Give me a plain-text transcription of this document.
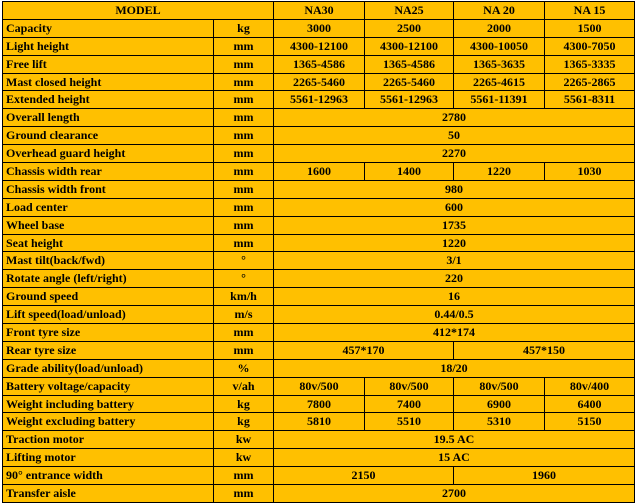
MODEL		NA30	NA25	NA 20	NA 15
Capacity	kg	3000	2500	2000	1500
Light height	mm	4300-12100	4300-12100	4300-10050	4300-7050
Free lift	mm	1365-4586	1365-4586	1365-3635	1365-3335
Mast closed height	mm	2265-5460	2265-5460	2265-4615	2265-2865
Extended height	mm	5561-12963	5561-12963	5561-11391	5561-8311
Overall length	mm	2780			
Ground clearance	mm	50			
Overhead guard height	mm	2270			
Chassis width rear	mm	1600	1400	1220	1030
Chassis width front	mm	980			
Load center	mm	600			
Wheel base	mm	1735			
Seat height	mm	1220			
Mast tilt(back/fwd)	°	3/1			
Rotate angle (left/right)	°	220			
Ground speed	km/h	16			
Lift speed(load/unload)	m/s	0.44/0.5			
Front tyre size	mm	412*174			
Rear tyre size	mm	457*170		457*150	
Grade ability(load/unload)	%	18/20			
Battery voltage/capacity	v/ah	80v/500	80v/500	80v/500	80v/400
Weight including battery	kg	7800	7400	6900	6400
Weight excluding battery	kg	5810	5510	5310	5150
Traction motor	kw	19.5 AC			
Lifting motor	kw	15 AC			
90° entrance width	mm	2150		1960	
Transfer aisle	mm	2700			
